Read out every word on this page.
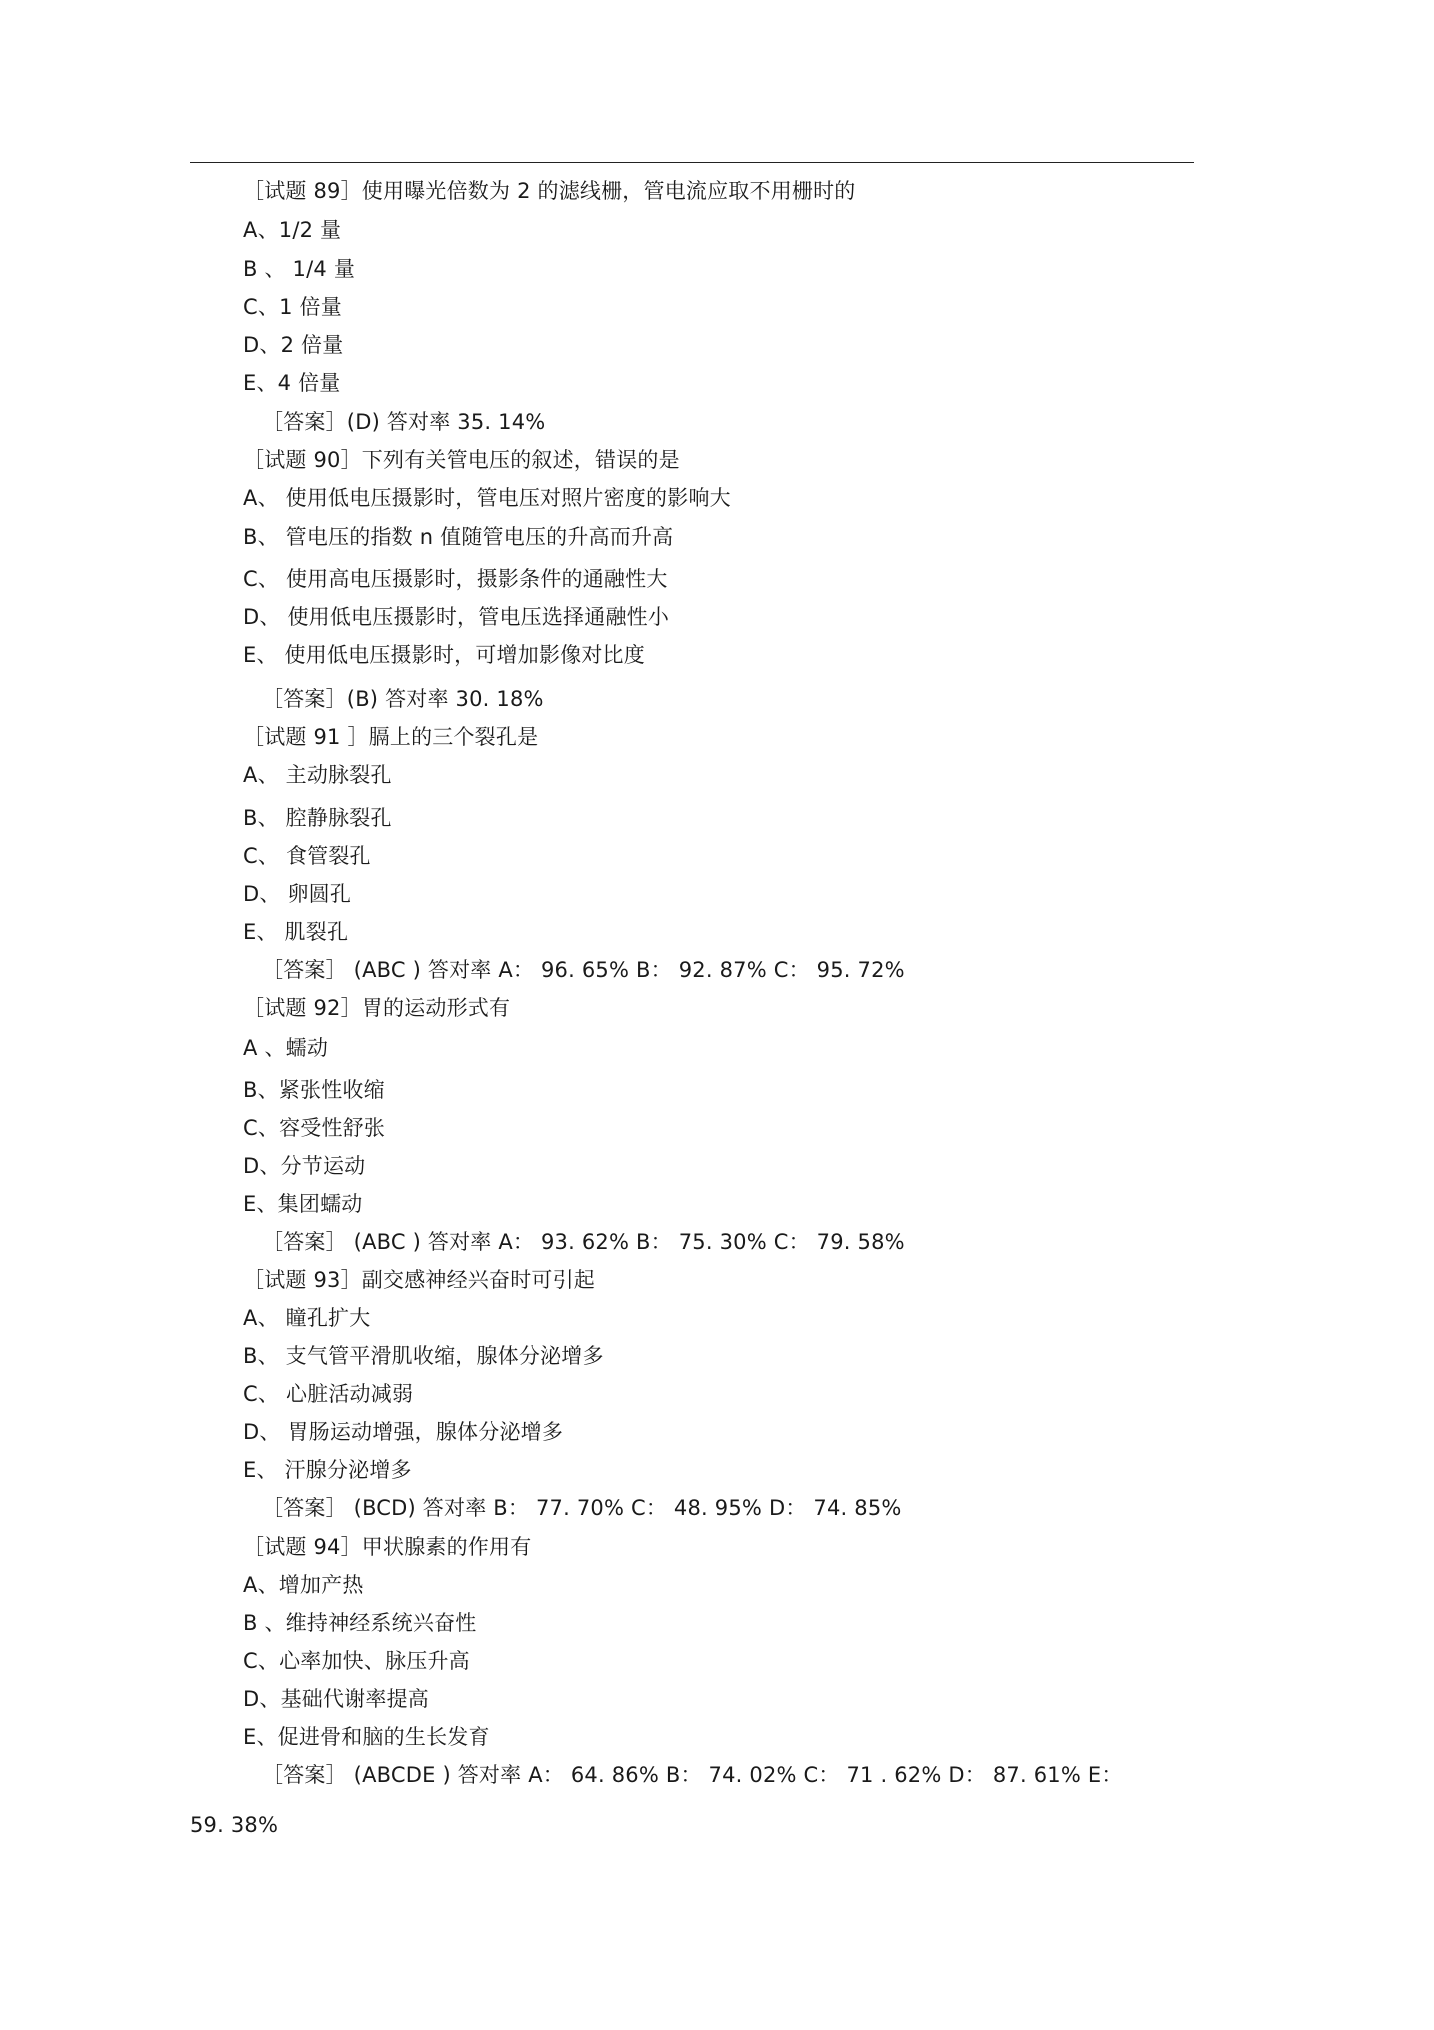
［试题 89］使用曝光倍数为 2 的滤线栅，管电流应取不用栅时的
A、1/2 量
B 、 1/4 量
C、1 倍量
D、2 倍量
E、4 倍量
［答案］(D) 答对率 35. 14%
［试题 90］下列有关管电压的叙述，错误的是
A、 使用低电压摄影时，管电压对照片密度的影响大
B、 管电压的指数 n 值随管电压的升高而升高
C、 使用高电压摄影时，摄影条件的通融性大
D、 使用低电压摄影时，管电压选择通融性小
E、 使用低电压摄影时，可增加影像对比度
［答案］(B) 答对率 30. 18%
［试题 91 ］膈上的三个裂孔是
A、 主动脉裂孔
B、 腔静脉裂孔
C、 食管裂孔
D、 卵圆孔
E、 肌裂孔
［答案］ (ABC ) 答对率 A： 96. 65% B： 92. 87% C： 95. 72%
［试题 92］胃的运动形式有
A 、蠕动
B、紧张性收缩
C、容受性舒张
D、分节运动
E、集团蠕动
［答案］ (ABC ) 答对率 A： 93. 62% B： 75. 30% C： 79. 58%
［试题 93］副交感神经兴奋时可引起
A、 瞳孔扩大
B、 支气管平滑肌收缩，腺体分泌增多
C、 心脏活动减弱
D、 胃肠运动增强，腺体分泌增多
E、 汗腺分泌增多
［答案］ (BCD) 答对率 B： 77. 70% C： 48. 95% D： 74. 85%
［试题 94］甲状腺素的作用有
A、增加产热
B 、维持神经系统兴奋性
C、心率加快、脉压升高
D、基础代谢率提高
E、促进骨和脑的生长发育
［答案］ (ABCDE ) 答对率 A： 64. 86% B： 74. 02% C： 71 . 62% D： 87. 61% E：
59. 38%
